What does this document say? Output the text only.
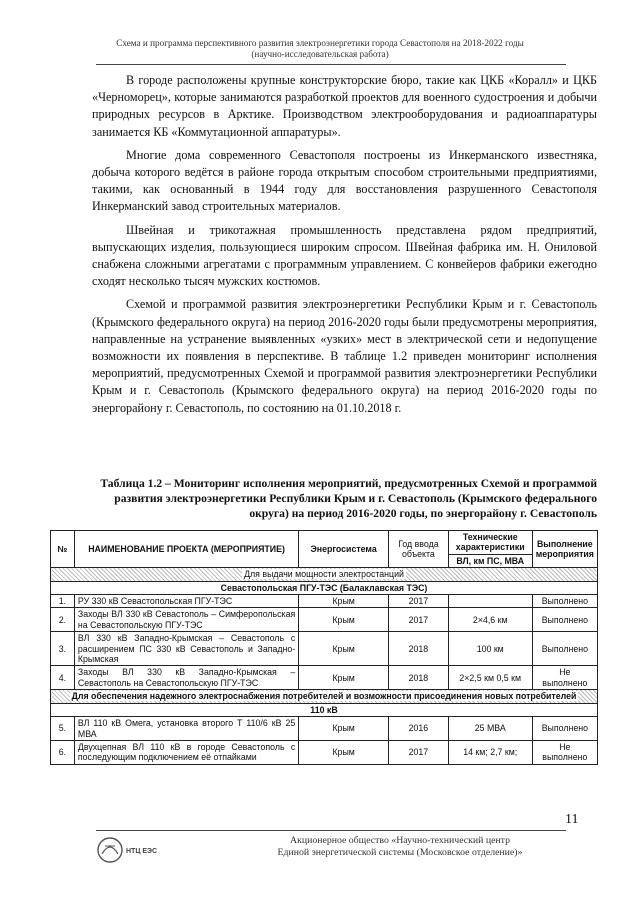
Схема и программа перспективного развития электроэнергетики города Севастополя на 2018-2022 годы
(научно-исследовательская работа)

В городе расположены крупные конструкторские бюро, такие как ЦКБ «Коралл» и ЦКБ «Черноморец», которые занимаются разработкой проектов для военного судостроения и добычи природных ресурсов в Арктике. Производством электрооборудования и радиоаппаратуры занимается КБ «Коммутационной аппаратуры».

Многие дома современного Севастополя построены из Инкерманского известняка, добыча которого ведётся в районе города открытым способом строительными предприятиями, такими, как основанный в 1944 году для восстановления разрушенного Севастополя Инкерманский завод строительных материалов.

Швейная и трикотажная промышленность представлена рядом предприятий, выпускающих изделия, пользующиеся широким спросом. Швейная фабрика им. Н. Ониловой снабжена сложными агрегатами с программным управлением. С конвейеров фабрики ежегодно сходят несколько тысяч мужских костюмов.

Схемой и программой развития электроэнергетики Республики Крым и г. Севастополь (Крымского федерального округа) на период 2016-2020 годы были предусмотрены мероприятия, направленные на устранение выявленных «узких» мест в электрической сети и недопущение возможности их появления в перспективе. В таблице 1.2 приведен мониторинг исполнения мероприятий, предусмотренных Схемой и программой развития электроэнергетики Республики Крым и г. Севастополь (Крымского федерального округа) на период 2016-2020 годы по энергорайону г. Севастополь, по состоянию на 01.10.2018 г.

Таблица 1.2 – Мониторинг исполнения мероприятий, предусмотренных Схемой и программой развития электроэнергетики Республики Крым и г. Севастополь (Крымского федерального округа) на период 2016-2020 годы, по энергорайону г. Севастополь
№	НАИМЕНОВАНИЕ ПРОЕКТА (МЕРОПРИЯТИЕ)	Энергосистема	Год ввода объекта	Технические характеристики	Выполнение мероприятия
				ВЛ, км ПС, МВА	
Для выдачи мощности электростанций					
Севастопольская ПГУ-ТЭС (Балаклавская ТЭС)					
1.	РУ 330 кВ Севастопольская ПГУ-ТЭС	Крым	2017		Выполнено
2.	Заходы ВЛ 330 кВ Севастополь – Симферопольская на Севастопольскую ПГУ-ТЭС	Крым	2017	2×4,6 км	Выполнено
3.	ВЛ 330 кВ Западно-Крымская – Севастополь с расширением ПС 330 кВ Севастополь и Западно-Крымская	Крым	2018	100 км	Выполнено
4.	Заходы ВЛ 330 кВ Западно-Крымская – Севастополь на Севастопольскую ПГУ-ТЭС	Крым	2018	2×2,5 км 0,5 км	Не выполнено
Для обеспечения надежного электроснабжения потребителей и возможности присоединения новых потребителей					
110 кВ					
5.	ВЛ 110 кВ Омега, установка второго Т 110/6 кВ 25 МВА	Крым	2016	25 МВА	Выполнено
6.	Двухцепная ВЛ 110 кВ в городе Севастополь с последующим подключением её отпайками	Крым	2017	14 км; 2,7 км;	Не выполнено
11
НТЦ ЕЭС
Акционерное общество «Научно-технический центр
Единой энергетической системы (Московское отделение)»
